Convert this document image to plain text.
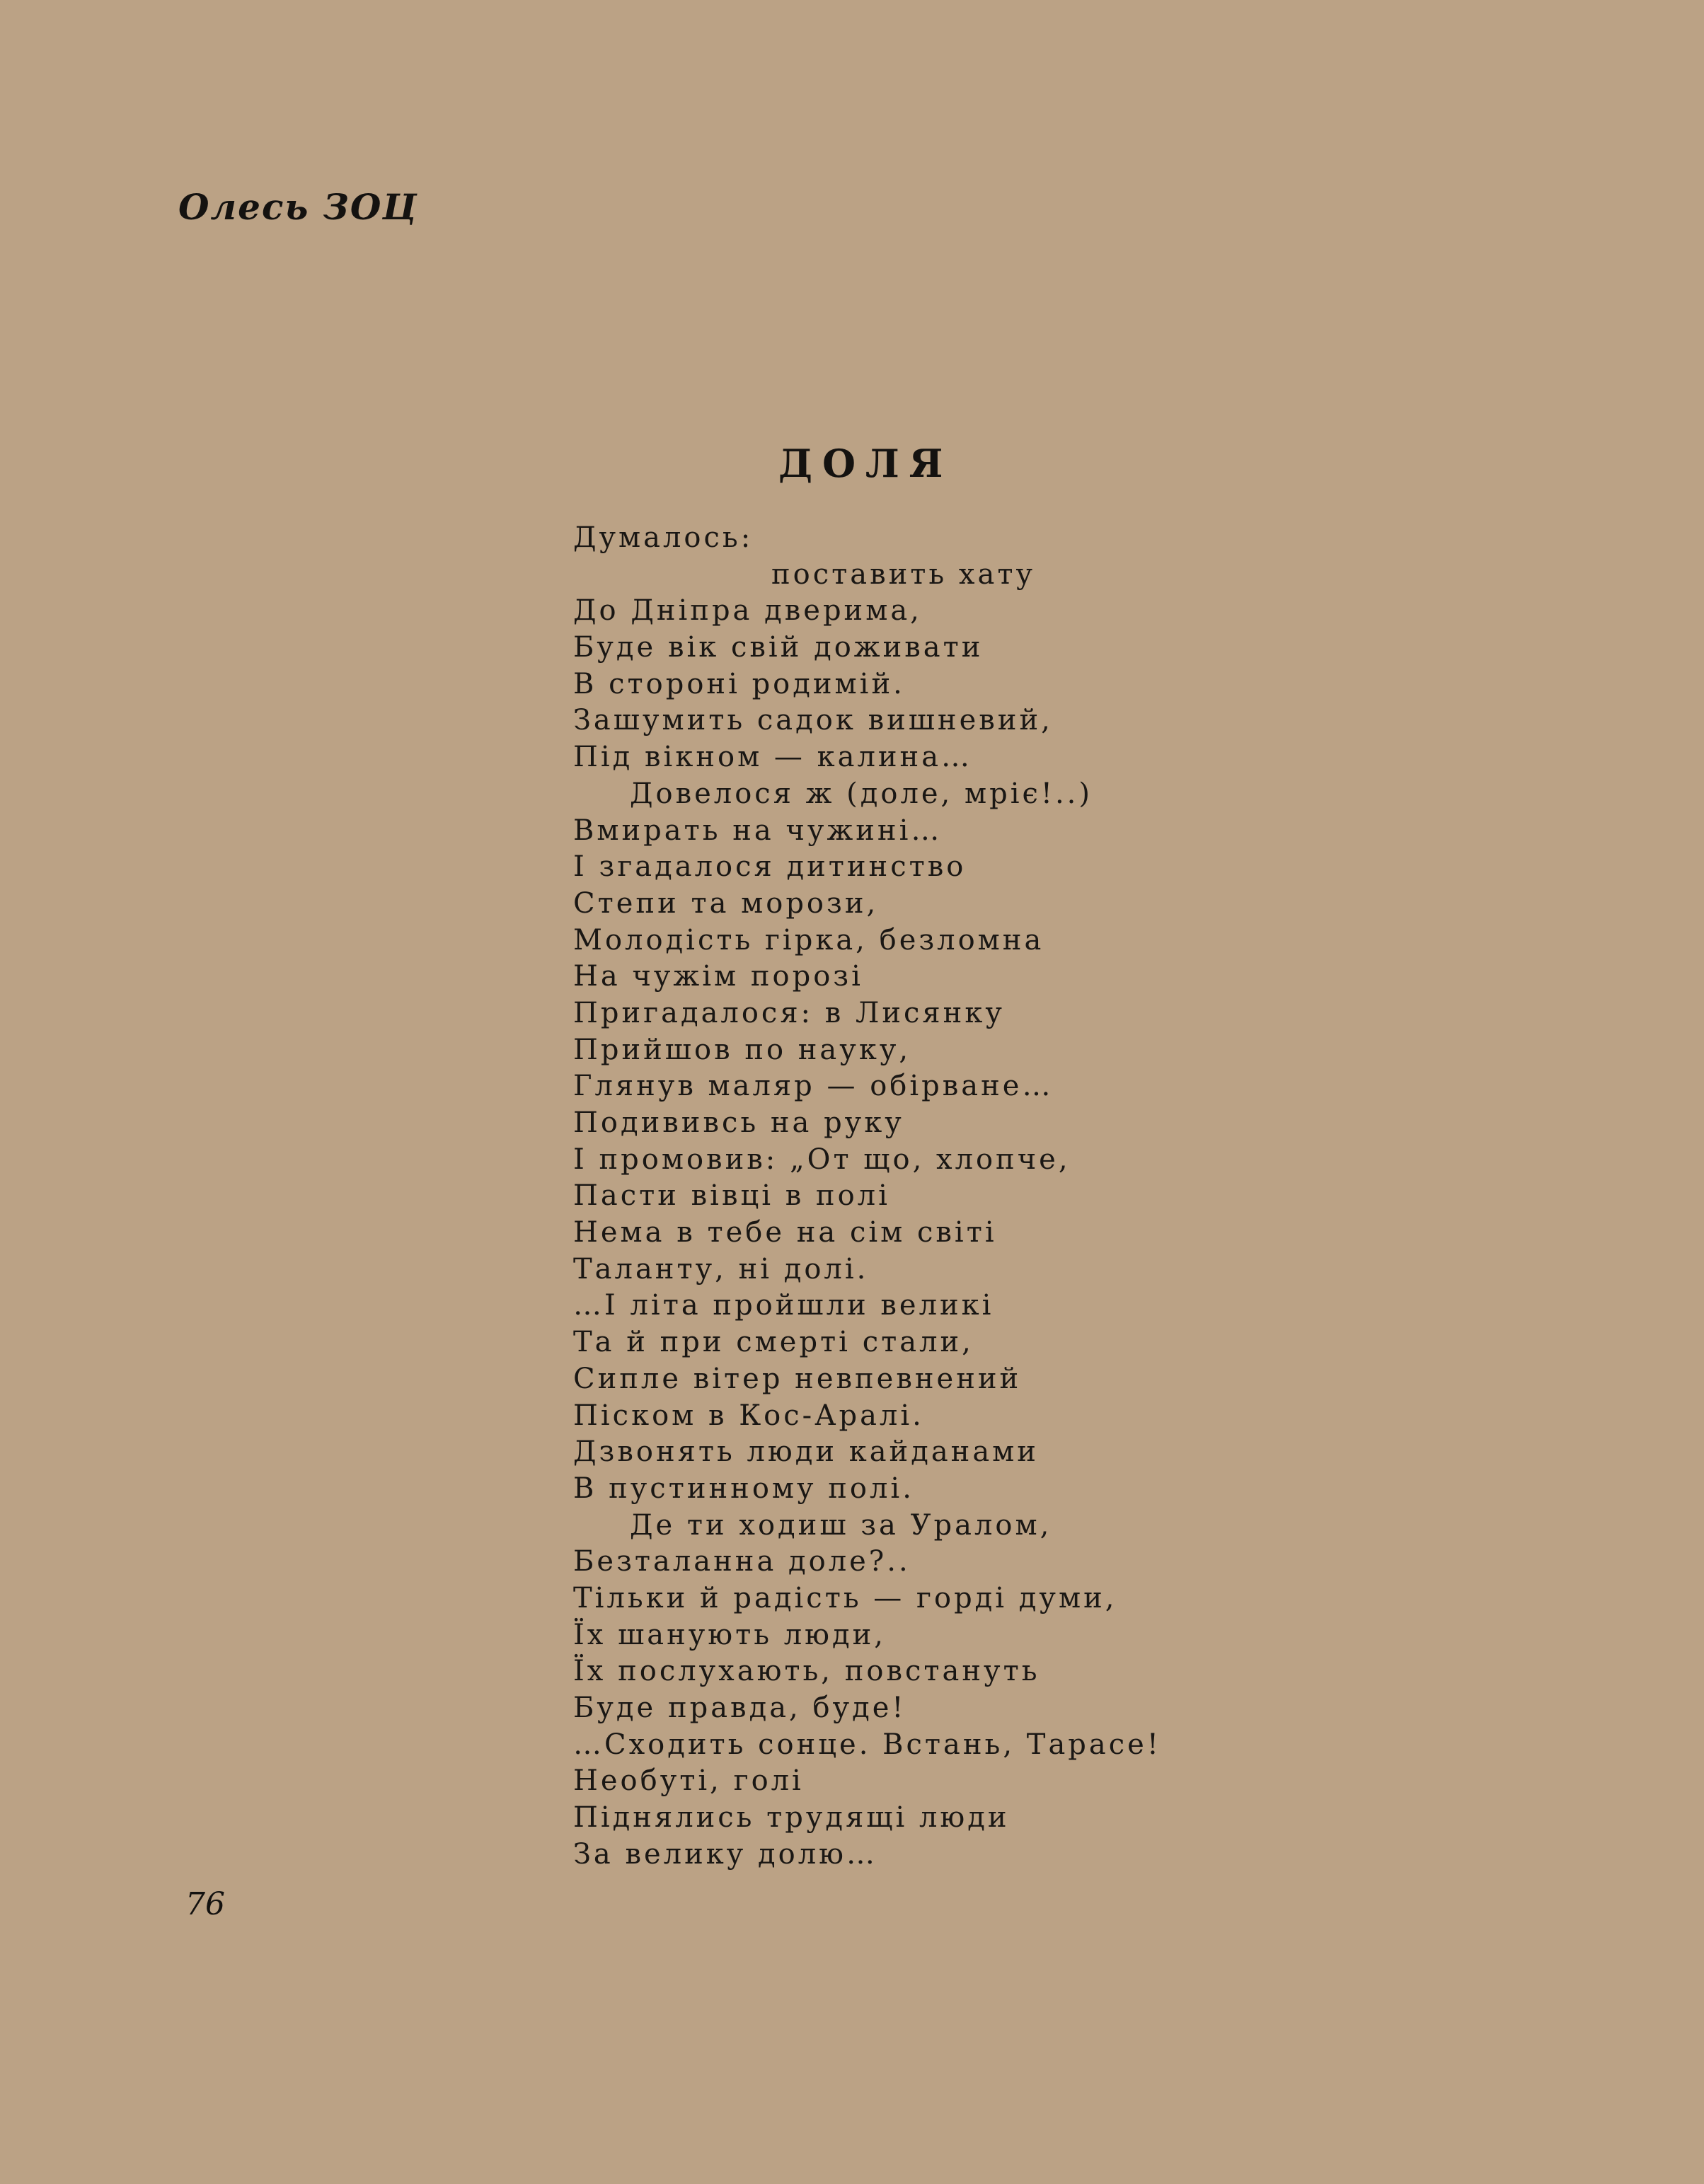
Олесь ЗОЦ
ДОЛЯ
Думалось:
поставить хату
До Дніпра дверима,
Буде вік свій доживати
В стороні родимій.
Зашумить садок вишневий,
Під вікном — калина…
Довелося ж (доле, мріє!..)
Вмирать на чужині…
І згадалося дитинство
Степи та морози,
Молодість гірка, безломна
На чужім порозі
Пригадалося: в Лисянку
Прийшов по науку,
Глянув маляр — обірване…
Подививсь на руку
І промовив: „От що, хлопче,
Пасти вівці в полі
Нема в тебе на сім світі
Таланту, ні долі.
…І літа пройшли великі
Та й при смерті стали,
Сипле вітер невпевнений
Піском в Кос-Аралі.
Дзвонять люди кайданами
В пустинному полі.
Де ти ходиш за Уралом,
Безталанна доле?..
Тільки й радість — горді думи,
Їх шанують люди,
Їх послухають, повстануть
Буде правда, буде!
…Сходить сонце. Встань, Тарасе!
Необуті, голі
Піднялись трудящі люди
За велику долю…
76
